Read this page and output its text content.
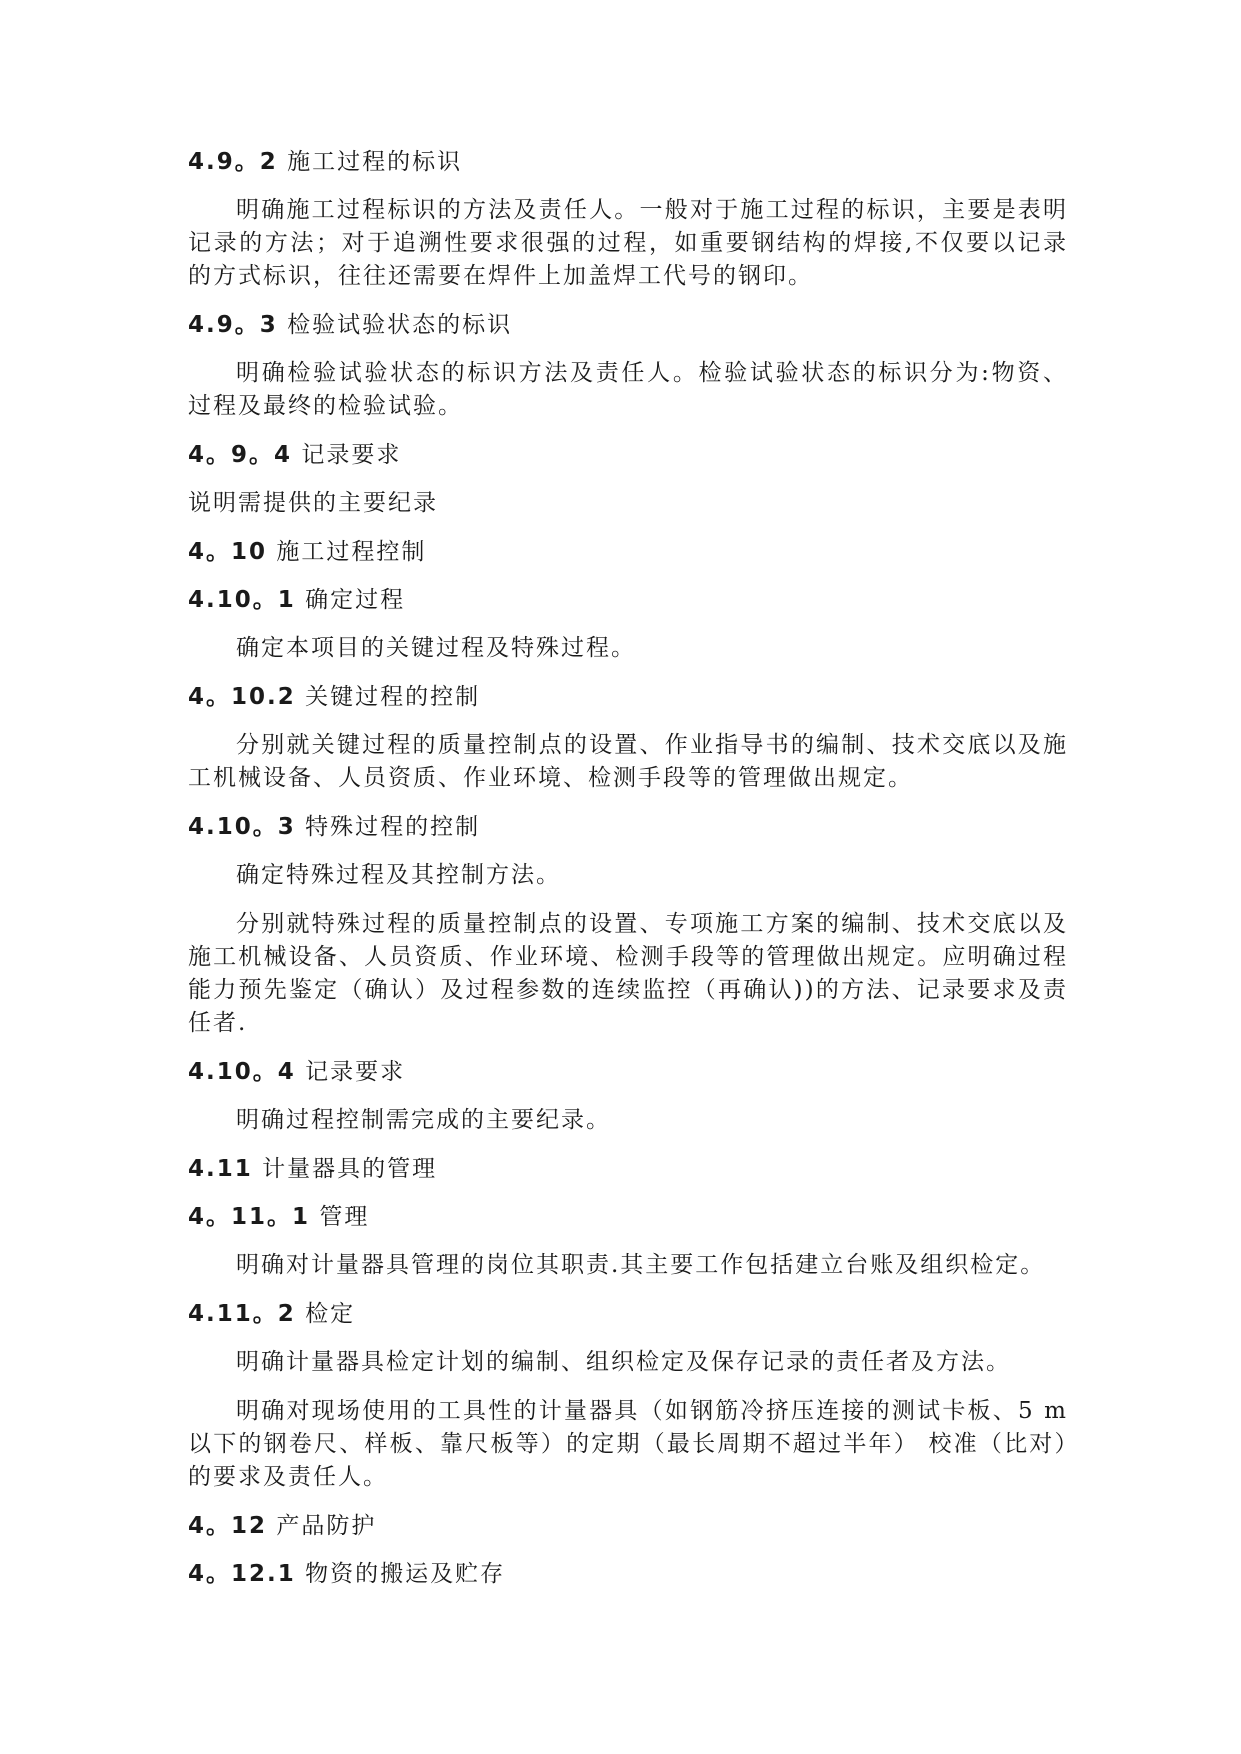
4.9。2 施工过程的标识

明确施工过程标识的方法及责任人。一般对于施工过程的标识，主要是表明记录的方法；对于追溯性要求很强的过程，如重要钢结构的焊接,不仅要以记录的方式标识，往往还需要在焊件上加盖焊工代号的钢印。

4.9。3 检验试验状态的标识

明确检验试验状态的标识方法及责任人。检验试验状态的标识分为:物资、过程及最终的检验试验。

4。9。4 记录要求

说明需提供的主要纪录

4。10 施工过程控制
4.10。1 确定过程

确定本项目的关键过程及特殊过程。

4。10.2 关键过程的控制

分别就关键过程的质量控制点的设置、作业指导书的编制、技术交底以及施工机械设备、人员资质、作业环境、检测手段等的管理做出规定。

4.10。3 特殊过程的控制

确定特殊过程及其控制方法。

分别就特殊过程的质量控制点的设置、专项施工方案的编制、技术交底以及施工机械设备、人员资质、作业环境、检测手段等的管理做出规定。应明确过程能力预先鉴定（确认）及过程参数的连续监控（再确认))的方法、记录要求及责任者.

4.10。4 记录要求

明确过程控制需完成的主要纪录。

4.11 计量器具的管理
4。11。1 管理

明确对计量器具管理的岗位其职责.其主要工作包括建立台账及组织检定。

4.11。2 检定

明确计量器具检定计划的编制、组织检定及保存记录的责任者及方法。

明确对现场使用的工具性的计量器具（如钢筋冷挤压连接的测试卡板、5 m以下的钢卷尺、样板、靠尺板等）的定期（最长周期不超过半年） 校准（比对）的要求及责任人。

4。12 产品防护
4。12.1 物资的搬运及贮存
